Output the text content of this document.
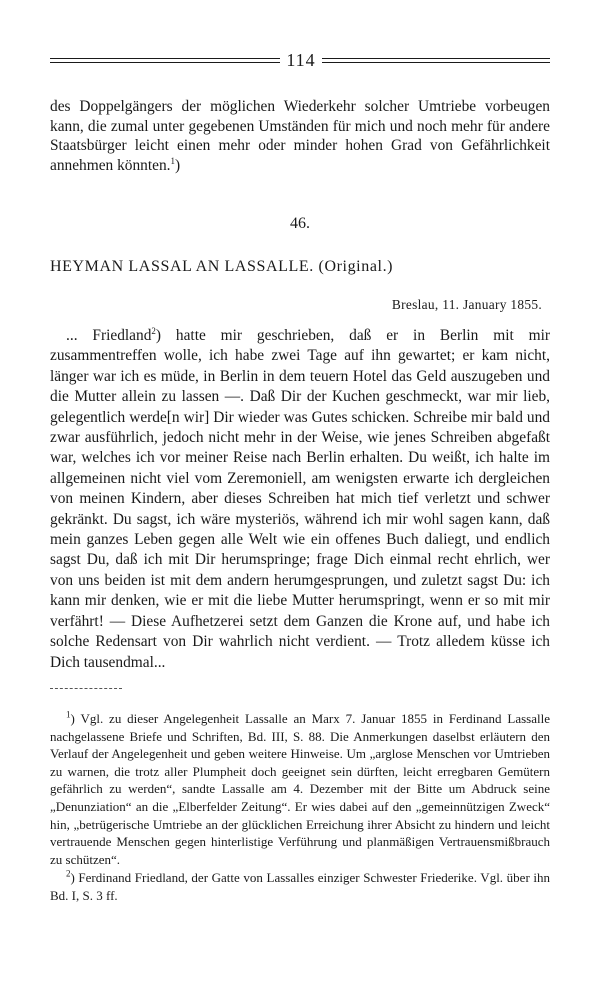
114

des Doppelgängers der möglichen Wiederkehr solcher Umtriebe vorbeugen kann, die zumal unter gegebenen Umständen für mich und noch mehr für andere Staatsbürger leicht einen mehr oder minder hohen Grad von Gefährlichkeit annehmen könnten.$^1$)

46.
HEYMAN LASSAL AN LASSALLE. (Original.)
Breslau, 11. January 1855.

... Friedland$^2$) hatte mir geschrieben, daß er in Berlin mit mir zusammentreffen wolle, ich habe zwei Tage auf ihn gewartet; er kam nicht, länger war ich es müde, in Berlin in dem teuern Hotel das Geld auszugeben und die Mutter allein zu lassen —. Daß Dir der Kuchen geschmeckt, war mir lieb, gelegentlich werde[n wir] Dir wieder was Gutes schicken. Schreibe mir bald und zwar ausführlich, jedoch nicht mehr in der Weise, wie jenes Schreiben abgefaßt war, welches ich vor meiner Reise nach Berlin erhalten. Du weißt, ich halte im allgemeinen nicht viel vom Zeremoniell, am wenigsten erwarte ich dergleichen von meinen Kindern, aber dieses Schreiben hat mich tief verletzt und schwer gekränkt. Du sagst, ich wäre mysteriös, während ich mir wohl sagen kann, daß mein ganzes Leben gegen alle Welt wie ein offenes Buch daliegt, und endlich sagst Du, daß ich mit Dir herumspringe; frage Dich einmal recht ehrlich, wer von uns beiden ist mit dem andern herumgesprungen, und zuletzt sagst Du: ich kann mir denken, wie er mit die liebe Mutter herumspringt, wenn er so mit mir verfährt! — Diese Aufhetzerei setzt dem Ganzen die Krone auf, und habe ich solche Redensart von Dir wahrlich nicht verdient. — Trotz alledem küsse ich Dich tausendmal...

$^1$) Vgl. zu dieser Angelegenheit Lassalle an Marx 7. Januar 1855 in Ferdinand Lassalle nachgelassene Briefe und Schriften, Bd. III, S. 88. Die Anmerkungen daselbst erläutern den Verlauf der Angelegenheit und geben weitere Hinweise. Um „arglose Menschen vor Umtrieben zu warnen, die trotz aller Plumpheit doch geeignet sein dürften, leicht erregbaren Gemütern gefährlich zu werden“, sandte Lassalle am 4. Dezember mit der Bitte um Abdruck seine „Denunziation“ an die „Elberfelder Zeitung“. Er wies dabei auf den „gemeinnützigen Zweck“ hin, „betrügerische Umtriebe an der glücklichen Erreichung ihrer Absicht zu hindern und leicht vertrauende Menschen gegen hinterlistige Verführung und planmäßigen Vertrauensmißbrauch zu schützen“.

$^2$) Ferdinand Friedland, der Gatte von Lassalles einziger Schwester Friederike. Vgl. über ihn Bd. I, S. 3 ff.
